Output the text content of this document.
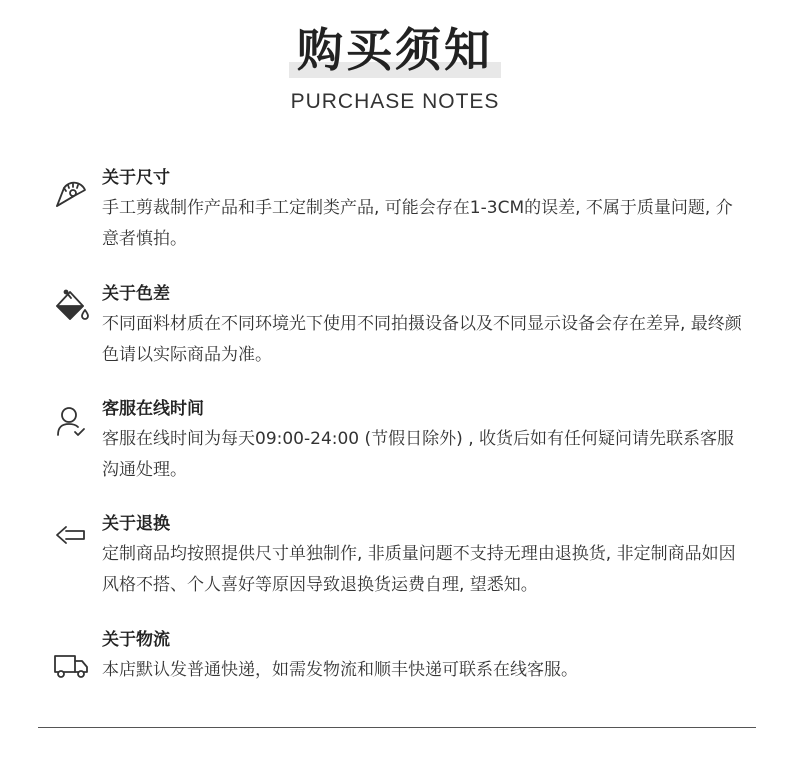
购买须知
PURCHASE NOTES
关于尺寸
手工剪裁制作产品和手工定制类产品, 可能会存在1-3CM的误差, 不属于质量问题, 介意者慎拍。
关于色差
不同面料材质在不同环境光下使用不同拍摄设备以及不同显示设备会存在差异, 最终颜色请以实际商品为准。
客服在线时间
客服在线时间为每天09:00-24:00 (节假日除外) , 收货后如有任何疑问请先联系客服沟通处理。
关于退换
定制商品均按照提供尺寸单独制作, 非质量问题不支持无理由退换货, 非定制商品如因风格不搭、个人喜好等原因导致退换货运费自理, 望悉知。
关于物流
本店默认发普通快递，如需发物流和顺丰快递可联系在线客服。
